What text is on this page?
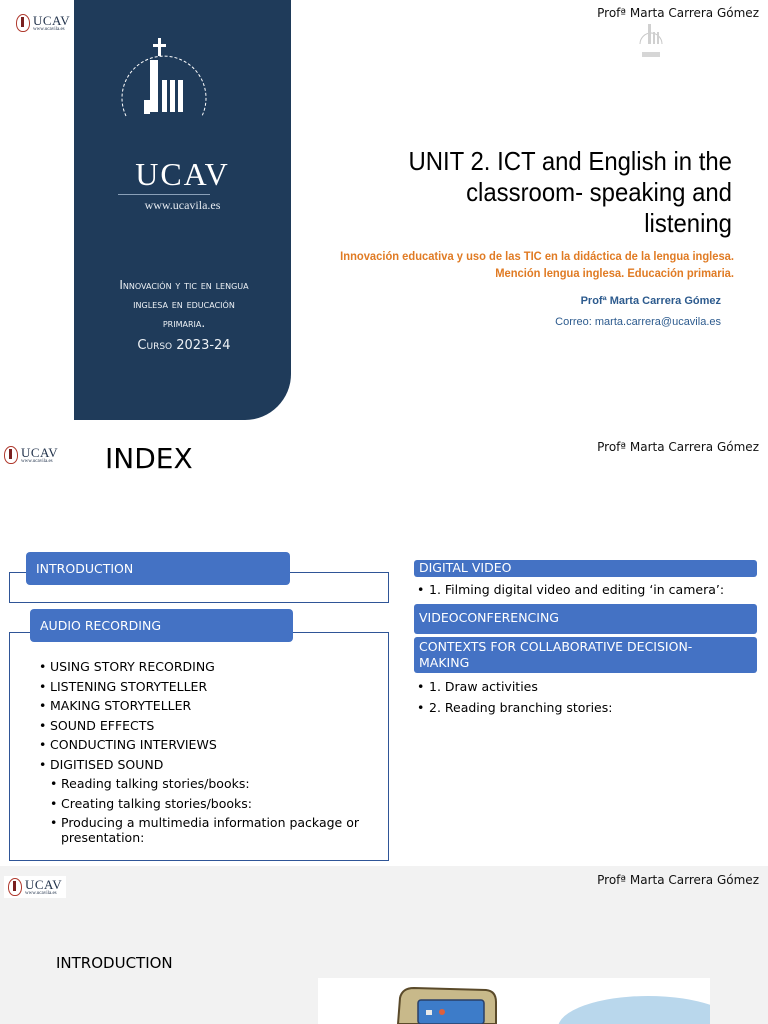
UCAV
www.ucavila.es
UCAV
www.ucavila.es
Innovación y tic en lengua
inglesa en educación
primaria.
Curso 2023-24
Profª Marta Carrera Gómez
UNIT 2. ICT and English in the
classroom- speaking and
listening
Innovación educativa y uso de las TIC en la didáctica de la lengua inglesa.
Mención lengua inglesa. Educación primaria.
Profª Marta Carrera Gómez
Correo: marta.carrera@ucavila.es
UCAV
www.ucavila.es
Profª Marta Carrera Gómez
INDEX
INTRODUCTION
AUDIO RECORDING
• USING STORY RECORDING
• LISTENING STORYTELLER
• MAKING STORYTELLER
• SOUND EFFECTS
• CONDUCTING INTERVIEWS
• DIGITISED SOUND
• Reading talking stories/books:
• Creating talking stories/books:
• Producing a multimedia information package or presentation:
DIGITAL VIDEO
• 1. Filming digital video and editing ‘in camera’:
VIDEOCONFERENCING
CONTEXTS FOR COLLABORATIVE DECISION-MAKING
• 1. Draw activities
• 2. Reading branching stories:
UCAV
www.ucavila.es
Profª Marta Carrera Gómez
INTRODUCTION
